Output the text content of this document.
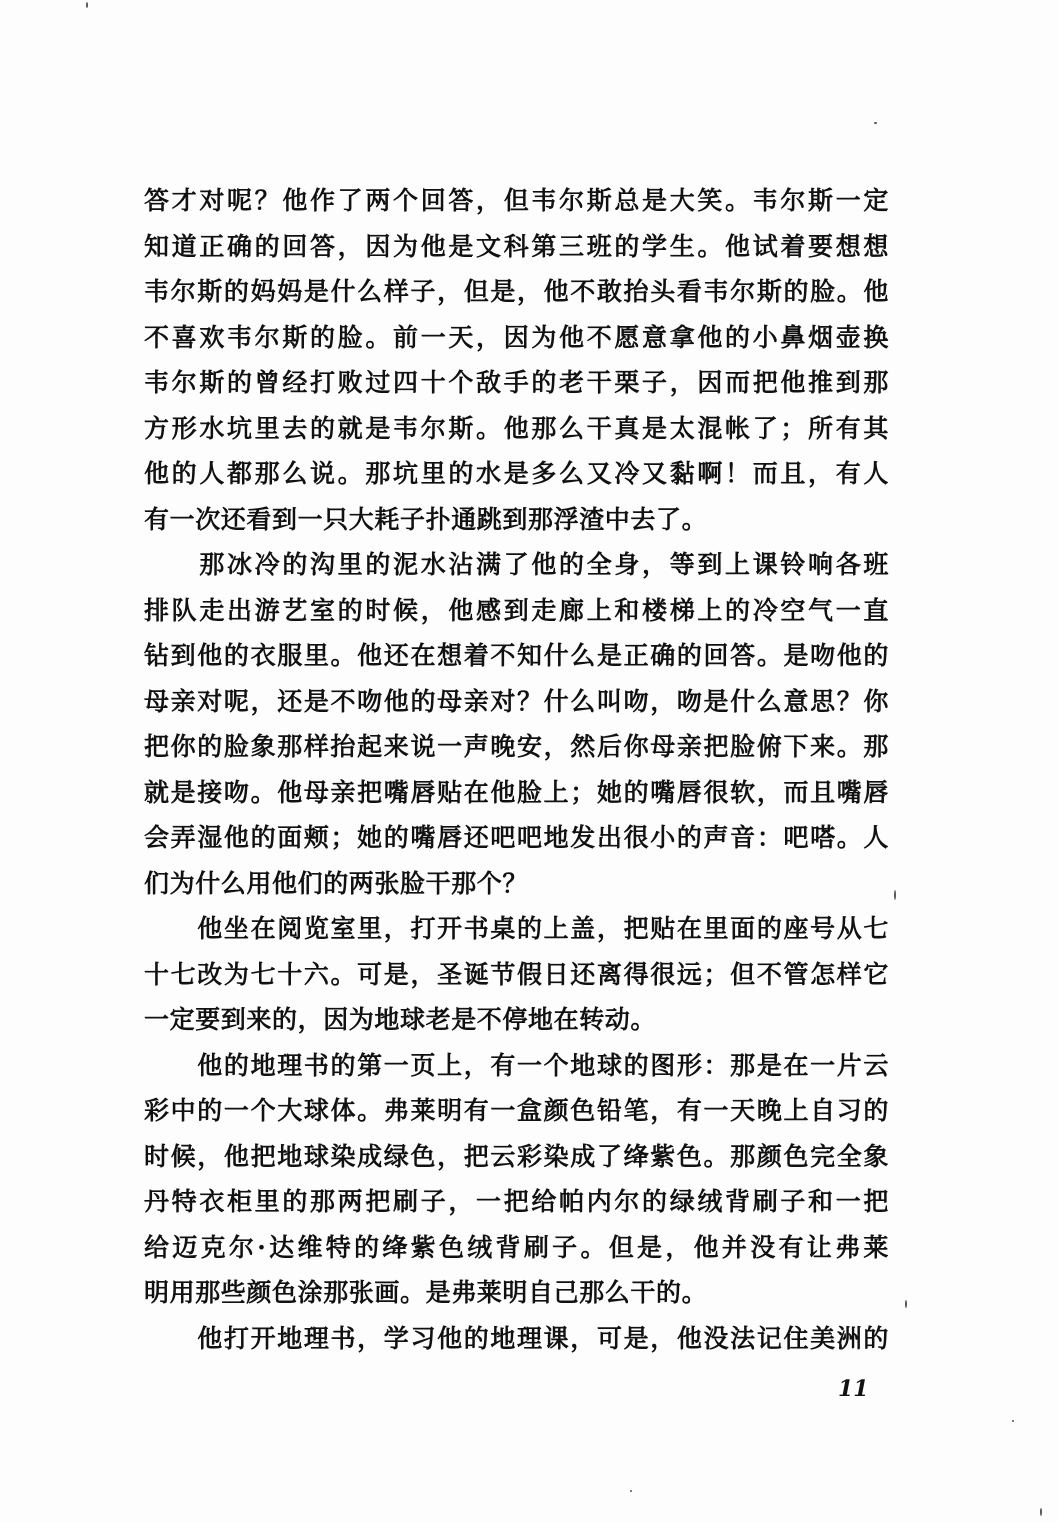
答才对呢？他作了两个回答，但韦尔斯总是大笑。韦尔斯一定
知道正确的回答，因为他是文科第三班的学生。他试着要想想
韦尔斯的妈妈是什么样子，但是，他不敢抬头看韦尔斯的脸。他
不喜欢韦尔斯的脸。前一天，因为他不愿意拿他的小鼻烟壶换
韦尔斯的曾经打败过四十个敌手的老干栗子，因而把他推到那
方形水坑里去的就是韦尔斯。他那么干真是太混帐了；所有其
他的人都那么说。那坑里的水是多么又冷又黏啊！而且，有人
有一次还看到一只大耗子扑通跳到那浮渣中去了。
　　那冰冷的沟里的泥水沾满了他的全身，等到上课铃响各班
排队走出游艺室的时候，他感到走廊上和楼梯上的冷空气一直
钻到他的衣服里。他还在想着不知什么是正确的回答。是吻他的
母亲对呢，还是不吻他的母亲对？什么叫吻，吻是什么意思？你
把你的脸象那样抬起来说一声晚安，然后你母亲把脸俯下来。那
就是接吻。他母亲把嘴唇贴在他脸上；她的嘴唇很软，而且嘴唇
会弄湿他的面颊；她的嘴唇还吧吧地发出很小的声音：吧嗒。人
们为什么用他们的两张脸干那个？
　　他坐在阅览室里，打开书桌的上盖，把贴在里面的座号从七
十七改为七十六。可是，圣诞节假日还离得很远；但不管怎样它
一定要到来的，因为地球老是不停地在转动。
　　他的地理书的第一页上，有一个地球的图形：那是在一片云
彩中的一个大球体。弗莱明有一盒颜色铅笔，有一天晚上自习的
时候，他把地球染成绿色，把云彩染成了绛紫色。那颜色完全象
丹特衣柜里的那两把刷子，一把给帕内尔的绿绒背刷子和一把
给迈克尔·达维特的绛紫色绒背刷子。但是，他并没有让弗莱
明用那些颜色涂那张画。是弗莱明自己那么干的。
　　他打开地理书，学习他的地理课，可是，他没法记住美洲的
11
